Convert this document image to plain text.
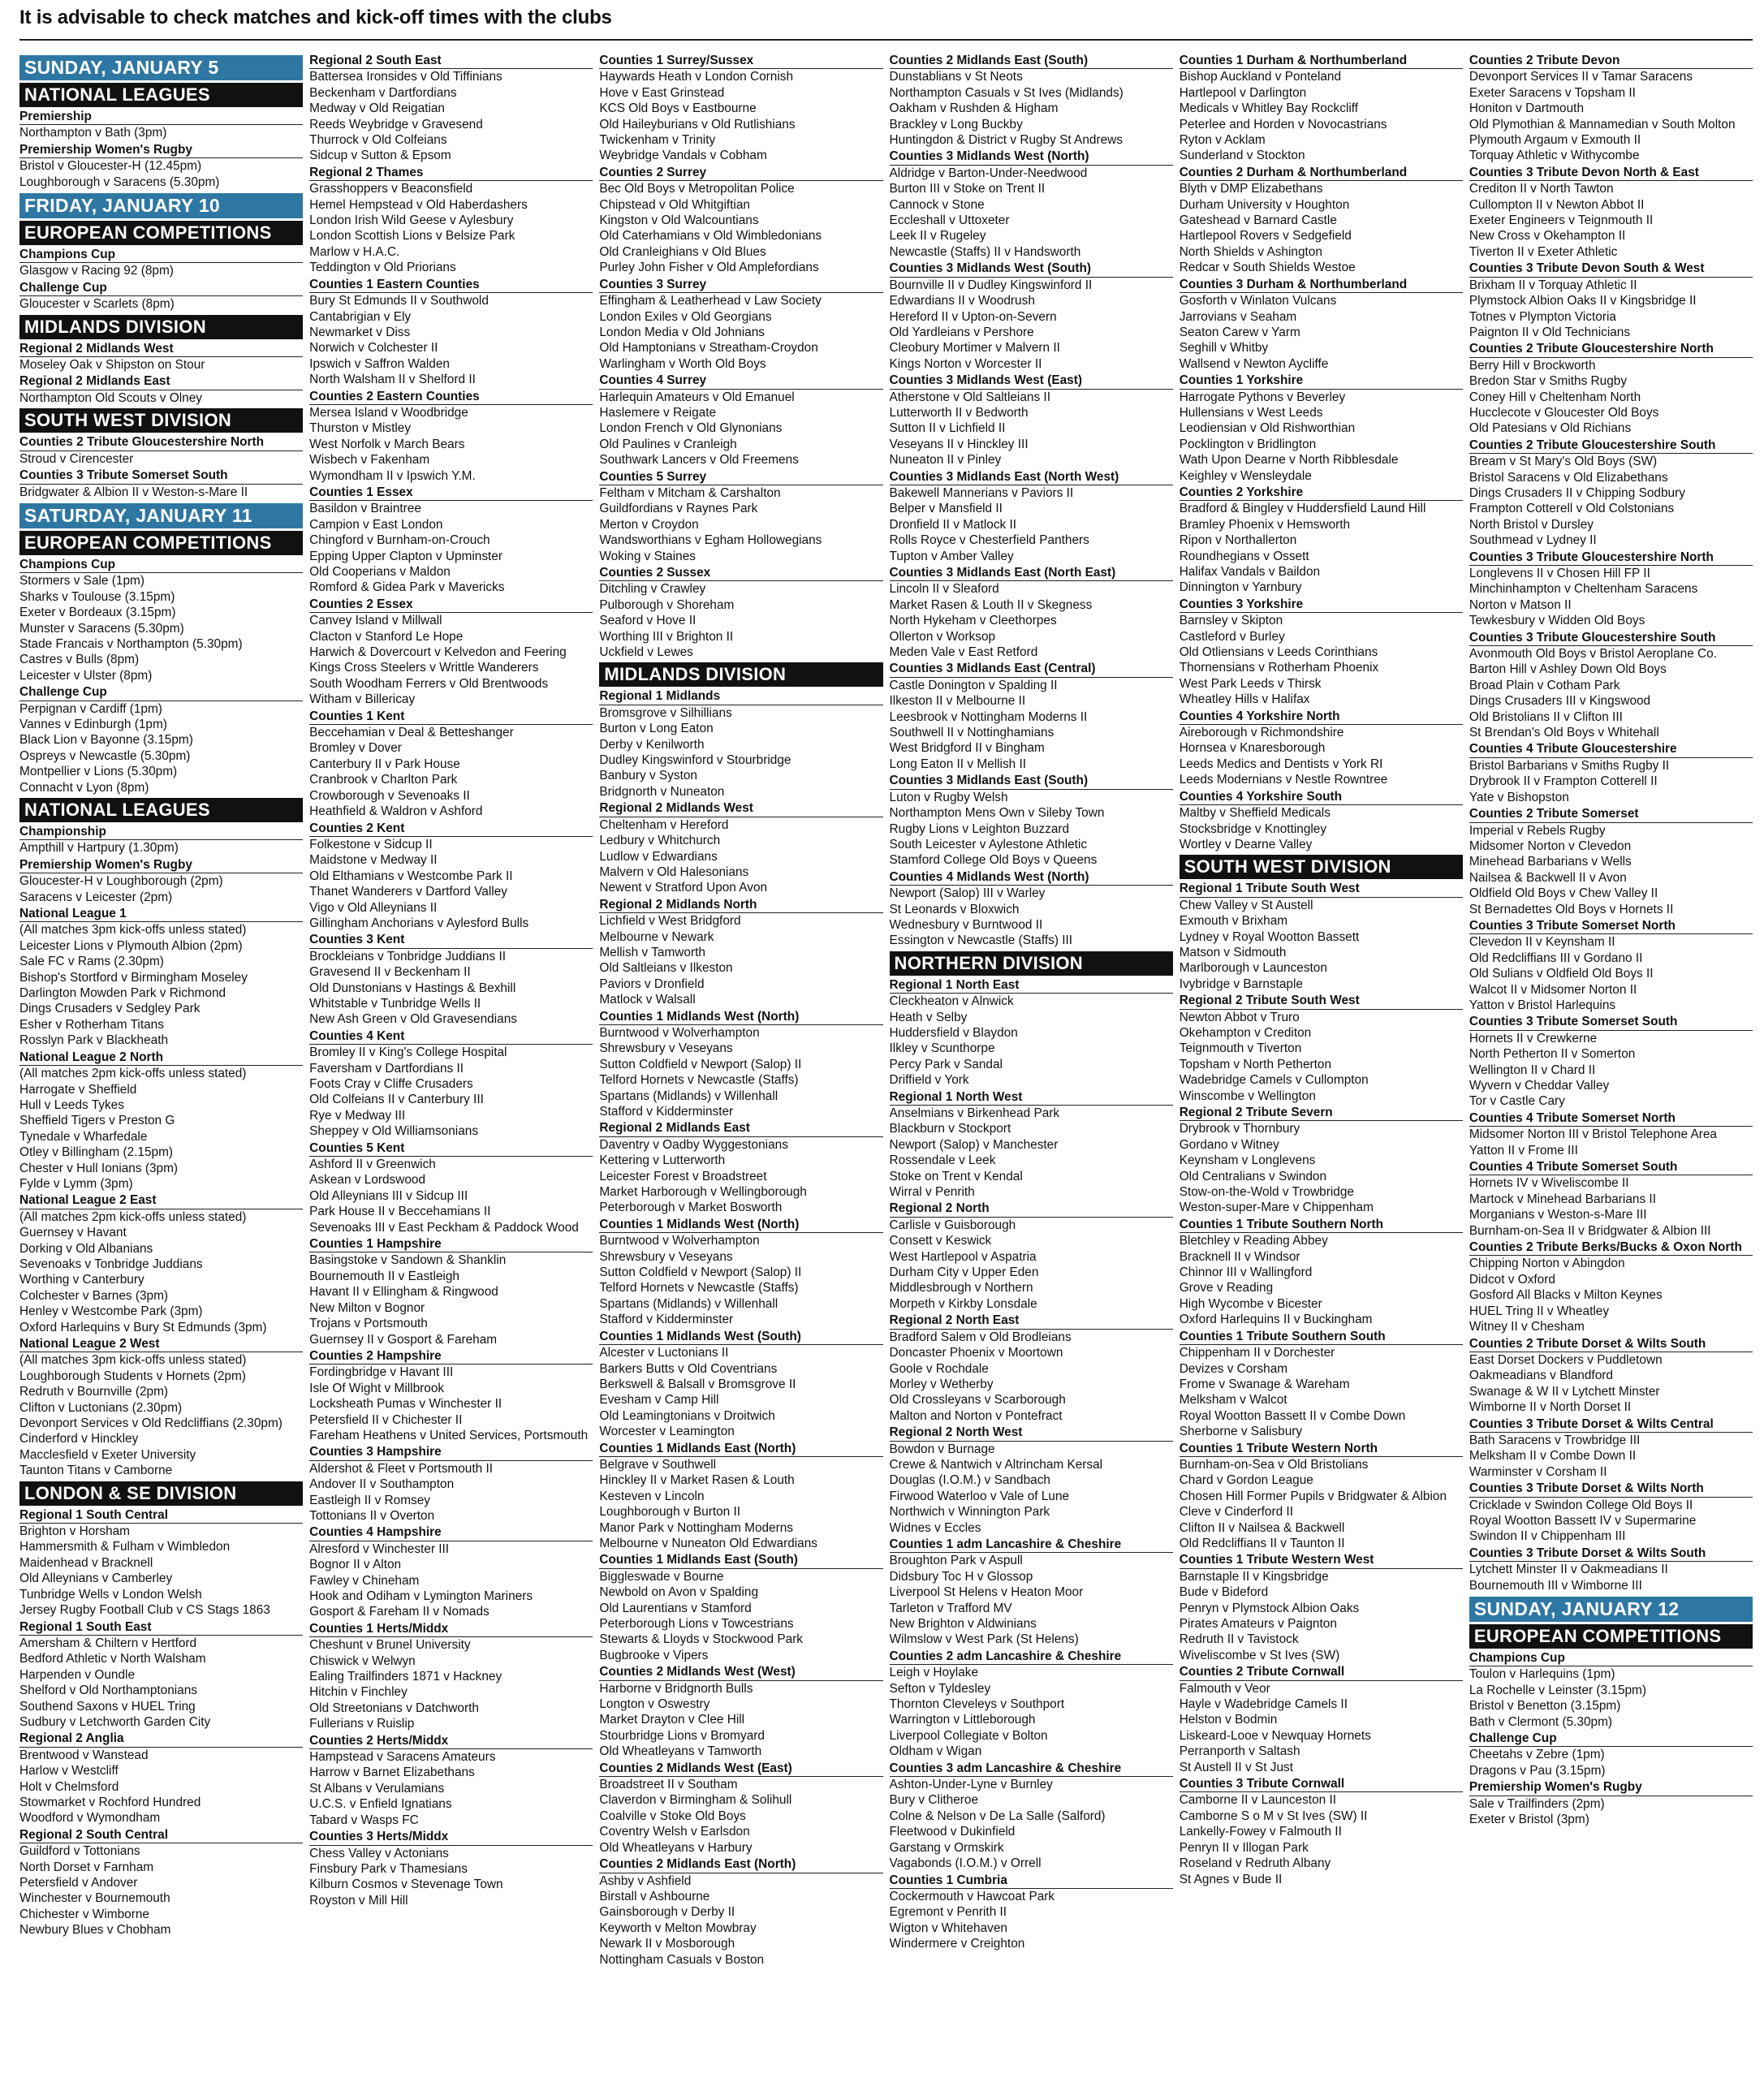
It is advisable to check matches and kick-off times with the clubs
SUNDAY, JANUARY 5
NATIONAL LEAGUES
Premiership
Northampton v Bath (3pm)
Premiership Women's Rugby
Bristol v Gloucester-H (12.45pm)
Loughborough v Saracens (5.30pm)
FRIDAY, JANUARY 10
EUROPEAN COMPETITIONS
Champions Cup
Glasgow v Racing 92 (8pm)
Challenge Cup
Gloucester v Scarlets (8pm)
MIDLANDS DIVISION
Regional 2 Midlands West
Moseley Oak v Shipston on Stour
Regional 2 Midlands East
Northampton Old Scouts v Olney
SOUTH WEST DIVISION
Counties 2 Tribute Gloucestershire North
Stroud v Cirencester
Counties 3 Tribute Somerset South
Bridgwater & Albion II v Weston-s-Mare II
SATURDAY, JANUARY 11
EUROPEAN COMPETITIONS
Champions Cup
Stormers v Sale (1pm)
Sharks v Toulouse (3.15pm)
Exeter v Bordeaux (3.15pm)
Munster v Saracens (5.30pm)
Stade Francais v Northampton (5.30pm)
Castres v Bulls (8pm)
Leicester v Ulster (8pm)
Challenge Cup
Perpignan v Cardiff (1pm)
Vannes v Edinburgh (1pm)
Black Lion v Bayonne (3.15pm)
Ospreys v Newcastle (5.30pm)
Montpellier v Lions (5.30pm)
Connacht v Lyon (8pm)
NATIONAL LEAGUES
Championship
Ampthill v Hartpury (1.30pm)
Premiership Women's Rugby
Gloucester-H v Loughborough (2pm)
Saracens v Leicester (2pm)
National League 1
(All matches 3pm kick-offs unless stated)
Leicester Lions v Plymouth Albion (2pm)
Sale FC v Rams (2.30pm)
Bishop's Stortford v Birmingham Moseley
Darlington Mowden Park v Richmond
Dings Crusaders v Sedgley Park
Esher v Rotherham Titans
Rosslyn Park v Blackheath
National League 2 North
(All matches 2pm kick-offs unless stated)
Harrogate v Sheffield
Hull v Leeds Tykes
Sheffield Tigers v Preston G
Tynedale v Wharfedale
Otley v Billingham (2.15pm)
Chester v Hull Ionians (3pm)
Fylde v Lymm (3pm)
National League 2 East
(All matches 2pm kick-offs unless stated)
Guernsey v Havant
Dorking v Old Albanians
Sevenoaks v Tonbridge Juddians
Worthing v Canterbury
Colchester v Barnes (3pm)
Henley v Westcombe Park (3pm)
Oxford Harlequins v Bury St Edmunds (3pm)
National League 2 West
(All matches 3pm kick-offs unless stated)
Loughborough Students v Hornets (2pm)
Redruth v Bournville (2pm)
Clifton v Luctonians (2.30pm)
Devonport Services v Old Redcliffians (2.30pm)
Cinderford v Hinckley
Macclesfield v Exeter University
Taunton Titans v Camborne
LONDON & SE DIVISION
Regional 1 South Central
Brighton v Horsham
Hammersmith & Fulham v Wimbledon
Maidenhead v Bracknell
Old Alleynians v Camberley
Tunbridge Wells v London Welsh
Jersey Rugby Football Club v CS Stags 1863
Regional 1 South East
Amersham & Chiltern v Hertford
Bedford Athletic v North Walsham
Harpenden v Oundle
Shelford v Old Northamptonians
Southend Saxons v HUEL Tring
Sudbury v Letchworth Garden City
Regional 2 Anglia
Brentwood v Wanstead
Harlow v Westcliff
Holt v Chelmsford
Stowmarket v Rochford Hundred
Woodford v Wymondham
Regional 2 South Central
Guildford v Tottonians
North Dorset v Farnham
Petersfield v Andover
Winchester v Bournemouth
Chichester v Wimborne
Newbury Blues v Chobham
Regional 2 South East
Battersea Ironsides v Old Tiffinians
Beckenham v Dartfordians
Medway v Old Reigatian
Reeds Weybridge v Gravesend
Thurrock v Old Colfeians
Sidcup v Sutton & Epsom
Regional 2 Thames
Grasshoppers v Beaconsfield
Hemel Hempstead v Old Haberdashers
London Irish Wild Geese v Aylesbury
London Scottish Lions v Belsize Park
Marlow v H.A.C.
Teddington v Old Priorians
Counties 1 Eastern Counties
Bury St Edmunds II v Southwold
Cantabrigian v Ely
Newmarket v Diss
Norwich v Colchester II
Ipswich v Saffron Walden
North Walsham II v Shelford II
Counties 2 Eastern Counties
Mersea Island v Woodbridge
Thurston v Mistley
West Norfolk v March Bears
Wisbech v Fakenham
Wymondham II v Ipswich Y.M.
Counties 1 Essex
Basildon v Braintree
Campion v East London
Chingford v Burnham-on-Crouch
Epping Upper Clapton v Upminster
Old Cooperians v Maldon
Romford & Gidea Park v Mavericks
Counties 2 Essex
Canvey Island v Millwall
Clacton v Stanford Le Hope
Harwich & Dovercourt v Kelvedon and Feering
Kings Cross Steelers v Writtle Wanderers
South Woodham Ferrers v Old Brentwoods
Witham v Billericay
Counties 1 Kent
Beccehamian v Deal & Betteshanger
Bromley v Dover
Canterbury II v Park House
Cranbrook v Charlton Park
Crowborough v Sevenoaks II
Heathfield & Waldron v Ashford
Counties 2 Kent
Folkestone v Sidcup II
Maidstone v Medway II
Old Elthamians v Westcombe Park II
Thanet Wanderers v Dartford Valley
Vigo v Old Alleynians II
Gillingham Anchorians v Aylesford Bulls
Counties 3 Kent
Brockleians v Tonbridge Juddians II
Gravesend II v Beckenham II
Old Dunstonians v Hastings & Bexhill
Whitstable v Tunbridge Wells II
New Ash Green v Old Gravesendians
Counties 4 Kent
Bromley II v King's College Hospital
Faversham v Dartfordians II
Foots Cray v Cliffe Crusaders
Old Colfeians II v Canterbury III
Rye v Medway III
Sheppey v Old Williamsonians
Counties 5 Kent
Ashford II v Greenwich
Askean v Lordswood
Old Alleynians III v Sidcup III
Park House II v Beccehamians II
Sevenoaks III v East Peckham & Paddock Wood
Counties 1 Hampshire
Basingstoke v Sandown & Shanklin
Bournemouth II v Eastleigh
Havant II v Ellingham & Ringwood
New Milton v Bognor
Trojans v Portsmouth
Guernsey II v Gosport & Fareham
Counties 2 Hampshire
Fordingbridge v Havant III
Isle Of Wight v Millbrook
Locksheath Pumas v Winchester II
Petersfield II v Chichester II
Fareham Heathens v United Services, Portsmouth
Counties 3 Hampshire
Aldershot & Fleet v Portsmouth II
Andover II v Southampton
Eastleigh II v Romsey
Tottonians II v Overton
Counties 4 Hampshire
Alresford v Winchester III
Bognor II v Alton
Fawley v Chineham
Hook and Odiham v Lymington Mariners
Gosport & Fareham II v Nomads
Counties 1 Herts/Middx
Cheshunt v Brunel University
Chiswick v Welwyn
Ealing Trailfinders 1871 v Hackney
Hitchin v Finchley
Old Streetonians v Datchworth
Fullerians v Ruislip
Counties 2 Herts/Middx
Hampstead v Saracens Amateurs
Harrow v Barnet Elizabethans
St Albans v Verulamians
U.C.S. v Enfield Ignatians
Tabard v Wasps FC
Counties 3 Herts/Middx
Chess Valley v Actonians
Finsbury Park v Thamesians
Kilburn Cosmos v Stevenage Town
Royston v Mill Hill
Counties 1 Surrey/Sussex
Haywards Heath v London Cornish
Hove v East Grinstead
KCS Old Boys v Eastbourne
Old Haileyburians v Old Rutlishians
Twickenham v Trinity
Weybridge Vandals v Cobham
Counties 2 Surrey
Bec Old Boys v Metropolitan Police
Chipstead v Old Whitgiftian
Kingston v Old Walcountians
Old Caterhamians v Old Wimbledonians
Old Cranleighians v Old Blues
Purley John Fisher v Old Amplefordians
Counties 3 Surrey
Effingham & Leatherhead v Law Society
London Exiles v Old Georgians
London Media v Old Johnians
Old Hamptonians v Streatham-Croydon
Warlingham v Worth Old Boys
Counties 4 Surrey
Harlequin Amateurs v Old Emanuel
Haslemere v Reigate
London French v Old Glynonians
Old Paulines v Cranleigh
Southwark Lancers v Old Freemens
Counties 5 Surrey
Feltham v Mitcham & Carshalton
Guildfordians v Raynes Park
Merton v Croydon
Wandsworthians v Egham Hollowegians
Woking v Staines
Counties 2 Sussex
Ditchling v Crawley
Pulborough v Shoreham
Seaford v Hove II
Worthing III v Brighton II
Uckfield v Lewes
MIDLANDS DIVISION
Regional 1 Midlands
Bromsgrove v Silhillians
Burton v Long Eaton
Derby v Kenilworth
Dudley Kingswinford v Stourbridge
Banbury v Syston
Bridgnorth v Nuneaton
Regional 2 Midlands West
Cheltenham v Hereford
Ledbury v Whitchurch
Ludlow v Edwardians
Malvern v Old Halesonians
Newent v Stratford Upon Avon
Regional 2 Midlands North
Lichfield v West Bridgford
Melbourne v Newark
Mellish v Tamworth
Old Saltleians v Ilkeston
Paviors v Dronfield
Matlock v Walsall
Counties 1 Midlands West (North)
Burntwood v Wolverhampton
Shrewsbury v Veseyans
Sutton Coldfield v Newport (Salop) II
Telford Hornets v Newcastle (Staffs)
Spartans (Midlands) v Willenhall
Stafford v Kidderminster
Regional 2 Midlands East
Daventry v Oadby Wyggestonians
Kettering v Lutterworth
Leicester Forest v Broadstreet
Market Harborough v Wellingborough
Peterborough v Market Bosworth
Counties 1 Midlands West (North)
Burntwood v Wolverhampton
Shrewsbury v Veseyans
Sutton Coldfield v Newport (Salop) II
Telford Hornets v Newcastle (Staffs)
Spartans (Midlands) v Willenhall
Stafford v Kidderminster
Counties 1 Midlands West (South)
Alcester v Luctonians II
Barkers Butts v Old Coventrians
Berkswell & Balsall v Bromsgrove II
Evesham v Camp Hill
Old Leamingtonians v Droitwich
Worcester v Leamington
Counties 1 Midlands East (North)
Belgrave v Southwell
Hinckley II v Market Rasen & Louth
Kesteven v Lincoln
Loughborough v Burton II
Manor Park v Nottingham Moderns
Melbourne v Nuneaton Old Edwardians
Counties 1 Midlands East (South)
Biggleswade v Bourne
Newbold on Avon v Spalding
Old Laurentians v Stamford
Peterborough Lions v Towcestrians
Stewarts & Lloyds v Stockwood Park
Bugbrooke v Vipers
Counties 2 Midlands West (West)
Harborne v Bridgnorth Bulls
Longton v Oswestry
Market Drayton v Clee Hill
Stourbridge Lions v Bromyard
Old Wheatleyans v Tamworth
Counties 2 Midlands West (East)
Broadstreet II v Southam
Claverdon v Birmingham & Solihull
Coalville v Stoke Old Boys
Coventry Welsh v Earlsdon
Old Wheatleyans v Harbury
Counties 2 Midlands East (North)
Ashby v Ashfield
Birstall v Ashbourne
Gainsborough v Derby II
Keyworth v Melton Mowbray
Newark II v Mosborough
Nottingham Casuals v Boston
Counties 2 Midlands East (South)
Dunstablians v St Neots
Northampton Casuals v St Ives (Midlands)
Oakham v Rushden & Higham
Brackley v Long Buckby
Huntingdon & District v Rugby St Andrews
Counties 3 Midlands West (North)
Aldridge v Barton-Under-Needwood
Burton III v Stoke on Trent II
Cannock v Stone
Eccleshall v Uttoxeter
Leek II v Rugeley
Newcastle (Staffs) II v Handsworth
Counties 3 Midlands West (South)
Bournville II v Dudley Kingswinford II
Edwardians II v Woodrush
Hereford II v Upton-on-Severn
Old Yardleians v Pershore
Cleobury Mortimer v Malvern II
Kings Norton v Worcester II
Counties 3 Midlands West (East)
Atherstone v Old Saltleians II
Lutterworth II v Bedworth
Sutton II v Lichfield II
Veseyans II v Hinckley III
Nuneaton II v Pinley
Counties 3 Midlands East (North West)
Bakewell Mannerians v Paviors II
Belper v Mansfield II
Dronfield II v Matlock II
Rolls Royce v Chesterfield Panthers
Tupton v Amber Valley
Counties 3 Midlands East (North East)
Lincoln II v Sleaford
Market Rasen & Louth II v Skegness
North Hykeham v Cleethorpes
Ollerton v Worksop
Meden Vale v East Retford
Counties 3 Midlands East (Central)
Castle Donington v Spalding II
Ilkeston II v Melbourne II
Leesbrook v Nottingham Moderns II
Southwell II v Nottinghamians
West Bridgford II v Bingham
Long Eaton II v Mellish II
Counties 3 Midlands East (South)
Luton v Rugby Welsh
Northampton Mens Own v Sileby Town
Rugby Lions v Leighton Buzzard
South Leicester v Aylestone Athletic
Stamford College Old Boys v Queens
Counties 4 Midlands West (North)
Newport (Salop) III v Warley
St Leonards v Bloxwich
Wednesbury v Burntwood II
Essington v Newcastle (Staffs) III
NORTHERN DIVISION
Regional 1 North East
Cleckheaton v Alnwick
Heath v Selby
Huddersfield v Blaydon
Ilkley v Scunthorpe
Percy Park v Sandal
Driffield v York
Regional 1 North West
Anselmians v Birkenhead Park
Blackburn v Stockport
Newport (Salop) v Manchester
Rossendale v Leek
Stoke on Trent v Kendal
Wirral v Penrith
Regional 2 North
Carlisle v Guisborough
Consett v Keswick
West Hartlepool v Aspatria
Durham City v Upper Eden
Middlesbrough v Northern
Morpeth v Kirkby Lonsdale
Regional 2 North East
Bradford Salem v Old Brodleians
Doncaster Phoenix v Moortown
Goole v Rochdale
Morley v Wetherby
Old Crossleyans v Scarborough
Malton and Norton v Pontefract
Regional 2 North West
Bowdon v Burnage
Crewe & Nantwich v Altrincham Kersal
Douglas (I.O.M.) v Sandbach
Firwood Waterloo v Vale of Lune
Northwich v Winnington Park
Widnes v Eccles
Counties 1 adm Lancashire & Cheshire
Broughton Park v Aspull
Didsbury Toc H v Glossop
Liverpool St Helens v Heaton Moor
Tarleton v Trafford MV
New Brighton v Aldwinians
Wilmslow v West Park (St Helens)
Counties 2 adm Lancashire & Cheshire
Leigh v Hoylake
Sefton v Tyldesley
Thornton Cleveleys v Southport
Warrington v Littleborough
Liverpool Collegiate v Bolton
Oldham v Wigan
Counties 3 adm Lancashire & Cheshire
Ashton-Under-Lyne v Burnley
Bury v Clitheroe
Colne & Nelson v De La Salle (Salford)
Fleetwood v Dukinfield
Garstang v Ormskirk
Vagabonds (I.O.M.) v Orrell
Counties 1 Cumbria
Cockermouth v Hawcoat Park
Egremont v Penrith II
Wigton v Whitehaven
Windermere v Creighton
Counties 1 Durham & Northumberland
Bishop Auckland v Ponteland
Hartlepool v Darlington
Medicals v Whitley Bay Rockcliff
Peterlee and Horden v Novocastrians
Ryton v Acklam
Sunderland v Stockton
Counties 2 Durham & Northumberland
Blyth v DMP Elizabethans
Durham University v Houghton
Gateshead v Barnard Castle
Hartlepool Rovers v Sedgefield
North Shields v Ashington
Redcar v South Shields Westoe
Counties 3 Durham & Northumberland
Gosforth v Winlaton Vulcans
Jarrovians v Seaham
Seaton Carew v Yarm
Seghill v Whitby
Wallsend v Newton Aycliffe
Counties 1 Yorkshire
Harrogate Pythons v Beverley
Hullensians v West Leeds
Leodiensian v Old Rishworthian
Pocklington v Bridlington
Wath Upon Dearne v North Ribblesdale
Keighley v Wensleydale
Counties 2 Yorkshire
Bradford & Bingley v Huddersfield Laund Hill
Bramley Phoenix v Hemsworth
Ripon v Northallerton
Roundhegians v Ossett
Halifax Vandals v Baildon
Dinnington v Yarnbury
Counties 3 Yorkshire
Barnsley v Skipton
Castleford v Burley
Old Otliensians v Leeds Corinthians
Thornensians v Rotherham Phoenix
West Park Leeds v Thirsk
Wheatley Hills v Halifax
Counties 4 Yorkshire North
Aireborough v Richmondshire
Hornsea v Knaresborough
Leeds Medics and Dentists v York RI
Leeds Modernians v Nestle Rowntree
Counties 4 Yorkshire South
Maltby v Sheffield Medicals
Stocksbridge v Knottingley
Wortley v Dearne Valley
SOUTH WEST DIVISION
Regional 1 Tribute South West
Chew Valley v St Austell
Exmouth v Brixham
Lydney v Royal Wootton Bassett
Matson v Sidmouth
Marlborough v Launceston
Ivybridge v Barnstaple
Regional 2 Tribute South West
Newton Abbot v Truro
Okehampton v Crediton
Teignmouth v Tiverton
Topsham v North Petherton
Wadebridge Camels v Cullompton
Winscombe v Wellington
Regional 2 Tribute Severn
Drybrook v Thornbury
Gordano v Witney
Keynsham v Longlevens
Old Centralians v Swindon
Stow-on-the-Wold v Trowbridge
Weston-super-Mare v Chippenham
Counties 1 Tribute Southern North
Bletchley v Reading Abbey
Bracknell II v Windsor
Chinnor III v Wallingford
Grove v Reading
High Wycombe v Bicester
Oxford Harlequins II v Buckingham
Counties 1 Tribute Southern South
Chippenham II v Dorchester
Devizes v Corsham
Frome v Swanage & Wareham
Melksham v Walcot
Royal Wootton Bassett II v Combe Down
Sherborne v Salisbury
Counties 1 Tribute Western North
Burnham-on-Sea v Old Bristolians
Chard v Gordon League
Chosen Hill Former Pupils v Bridgwater & Albion
Cleve v Cinderford II
Clifton II v Nailsea & Backwell
Old Redcliffians II v Taunton II
Counties 1 Tribute Western West
Barnstaple II v Kingsbridge
Bude v Bideford
Penryn v Plymstock Albion Oaks
Pirates Amateurs v Paignton
Redruth II v Tavistock
Wiveliscombe v St Ives (SW)
Counties 2 Tribute Cornwall
Falmouth v Veor
Hayle v Wadebridge Camels II
Helston v Bodmin
Liskeard-Looe v Newquay Hornets
Perranporth v Saltash
St Austell II v St Just
Counties 3 Tribute Cornwall
Camborne II v Launceston II
Camborne S o M v St Ives (SW) II
Lankelly-Fowey v Falmouth II
Penryn II v Illogan Park
Roseland v Redruth Albany
St Agnes v Bude II
Counties 2 Tribute Devon
Devonport Services II v Tamar Saracens
Exeter Saracens v Topsham II
Honiton v Dartmouth
Old Plymothian & Mannamedian v South Molton
Plymouth Argaum v Exmouth II
Torquay Athletic v Withycombe
Counties 3 Tribute Devon North & East
Crediton II v North Tawton
Cullompton II v Newton Abbot II
Exeter Engineers v Teignmouth II
New Cross v Okehampton II
Tiverton II v Exeter Athletic
Counties 3 Tribute Devon South & West
Brixham II v Torquay Athletic II
Plymstock Albion Oaks II v Kingsbridge II
Totnes v Plympton Victoria
Paignton II v Old Technicians
Counties 2 Tribute Gloucestershire North
Berry Hill v Brockworth
Bredon Star v Smiths Rugby
Coney Hill v Cheltenham North
Hucclecote v Gloucester Old Boys
Old Patesians v Old Richians
Counties 2 Tribute Gloucestershire South
Bream v St Mary's Old Boys (SW)
Bristol Saracens v Old Elizabethans
Dings Crusaders II v Chipping Sodbury
Frampton Cotterell v Old Colstonians
North Bristol v Dursley
Southmead v Lydney II
Counties 3 Tribute Gloucestershire North
Longlevens II v Chosen Hill FP II
Minchinhampton v Cheltenham Saracens
Norton v Matson II
Tewkesbury v Widden Old Boys
Counties 3 Tribute Gloucestershire South
Avonmouth Old Boys v Bristol Aeroplane Co.
Barton Hill v Ashley Down Old Boys
Broad Plain v Cotham Park
Dings Crusaders III v Kingswood
Old Bristolians II v Clifton III
St Brendan's Old Boys v Whitehall
Counties 4 Tribute Gloucestershire
Bristol Barbarians v Smiths Rugby II
Drybrook II v Frampton Cotterell II
Yate v Bishopston
Counties 2 Tribute Somerset
Imperial v Rebels Rugby
Midsomer Norton v Clevedon
Minehead Barbarians v Wells
Nailsea & Backwell II v Avon
Oldfield Old Boys v Chew Valley II
St Bernadettes Old Boys v Hornets II
Counties 3 Tribute Somerset North
Clevedon II v Keynsham II
Old Redcliffians III v Gordano II
Old Sulians v Oldfield Old Boys II
Walcot II v Midsomer Norton II
Yatton v Bristol Harlequins
Counties 3 Tribute Somerset South
Hornets II v Crewkerne
North Petherton II v Somerton
Wellington II v Chard II
Wyvern v Cheddar Valley
Tor v Castle Cary
Counties 4 Tribute Somerset North
Midsomer Norton III v Bristol Telephone Area
Yatton II v Frome III
Counties 4 Tribute Somerset South
Hornets IV v Wiveliscombe II
Martock v Minehead Barbarians II
Morganians v Weston-s-Mare III
Burnham-on-Sea II v Bridgwater & Albion III
Counties 2 Tribute Berks/Bucks & Oxon North
Chipping Norton v Abingdon
Didcot v Oxford
Gosford All Blacks v Milton Keynes
HUEL Tring II v Wheatley
Witney II v Chesham
Counties 2 Tribute Dorset & Wilts South
East Dorset Dockers v Puddletown
Oakmeadians v Blandford
Swanage & W II v Lytchett Minster
Wimborne II v North Dorset II
Counties 3 Tribute Dorset & Wilts Central
Bath Saracens v Trowbridge III
Melksham II v Combe Down II
Warminster v Corsham II
Counties 3 Tribute Dorset & Wilts North
Cricklade v Swindon College Old Boys II
Royal Wootton Bassett IV v Supermarine
Swindon II v Chippenham III
Counties 3 Tribute Dorset & Wilts South
Lytchett Minster II v Oakmeadians II
Bournemouth III v Wimborne III
SUNDAY, JANUARY 12
EUROPEAN COMPETITIONS
Champions Cup
Toulon v Harlequins (1pm)
La Rochelle v Leinster (3.15pm)
Bristol v Benetton (3.15pm)
Bath v Clermont (5.30pm)
Challenge Cup
Cheetahs v Zebre (1pm)
Dragons v Pau (3.15pm)
Premiership Women's Rugby
Sale v Trailfinders (2pm)
Exeter v Bristol (3pm)
